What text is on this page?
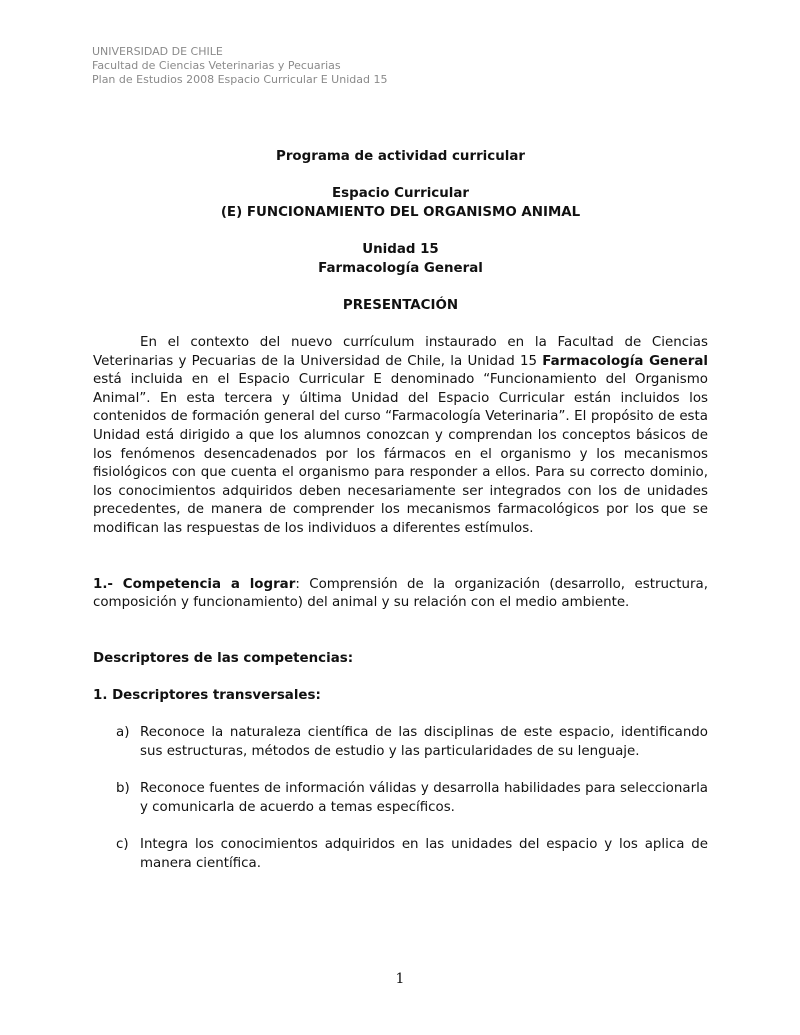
UNIVERSIDAD DE CHILE
Facultad de Ciencias Veterinarias y Pecuarias
Plan de Estudios 2008 Espacio Curricular E Unidad 15
Programa de actividad curricular
Espacio Curricular
(E) FUNCIONAMIENTO DEL ORGANISMO ANIMAL
Unidad 15
Farmacología General
PRESENTACIÓN

En el contexto del nuevo currículum instaurado en la Facultad de Ciencias Veterinarias y Pecuarias de la Universidad de Chile, la Unidad 15 Farmacología General está incluida en el Espacio Curricular E denominado “Funcionamiento del Organismo Animal”. En esta tercera y última Unidad del Espacio Curricular están incluidos los contenidos de formación general del curso “Farmacología Veterinaria”. El propósito de esta Unidad está dirigido a que los alumnos conozcan y comprendan los conceptos básicos de los fenómenos desencadenados por los fármacos en el organismo y los mecanismos fisiológicos con que cuenta el organismo para responder a ellos. Para su correcto dominio, los conocimientos adquiridos deben necesariamente ser integrados con los de unidades precedentes, de manera de comprender los mecanismos farmacológicos por los que se modifican las respuestas de los individuos a diferentes estímulos.

1.- Competencia a lograr: Comprensión de la organización (desarrollo, estructura, composición y funcionamiento) del animal y su relación con el medio ambiente.

Descriptores de las competencias:
1. Descriptores transversales:
a) Reconoce la naturaleza científica de las disciplinas de este espacio, identificando sus estructuras, métodos de estudio y las particularidades de su lenguaje.
b) Reconoce fuentes de información válidas y desarrolla habilidades para seleccionarla y comunicarla de acuerdo a temas específicos.
c) Integra los conocimientos adquiridos en las unidades del espacio y los aplica de manera científica.
1
